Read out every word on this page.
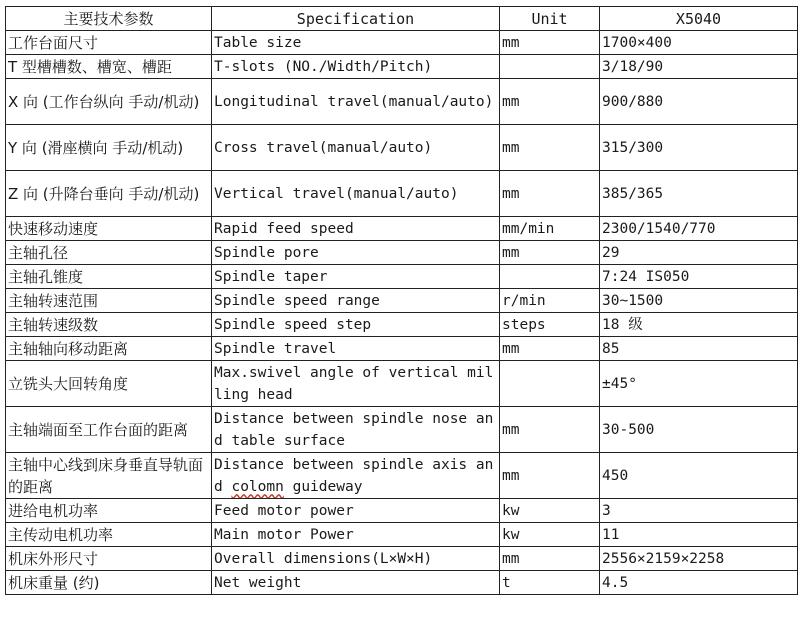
主要技术参数	Specification	Unit	X5040
工作台面尺寸	Table size	mm	1700×400
T 型槽槽数、槽宽、槽距	T-slots (NO./Width/Pitch)		3/18/90
X 向 (工作台纵向 手动/机动)	Longitudinal travel(manual/auto)	mm	900/880
Y 向 (滑座横向 手动/机动)	Cross travel(manual/auto)	mm	315/300
Z 向 (升降台垂向 手动/机动)	Vertical travel(manual/auto)	mm	385/365
快速移动速度	Rapid feed speed	mm/min	2300/1540/770
主轴孔径	Spindle pore	mm	29
主轴孔锥度	Spindle taper		7:24 IS050
主轴转速范围	Spindle speed range	r/min	30~1500
主轴转速级数	Spindle speed step	steps	18 级
主轴轴向移动距离	Spindle travel	mm	85
立铣头大回转角度	Max.swivel angle of vertical milling head		±45°
主轴端面至工作台面的距离	Distance between spindle nose and table surface	mm	30-500
主轴中心线到床身垂直导轨面的距离	Distance between spindle axis and colomn guideway	mm	450
进给电机功率	Feed motor power	kw	3
主传动电机功率	Main motor Power	kw	11
机床外形尺寸	Overall dimensions(L×W×H)	mm	2556×2159×2258
机床重量 (约)	Net weight	t	4.5
